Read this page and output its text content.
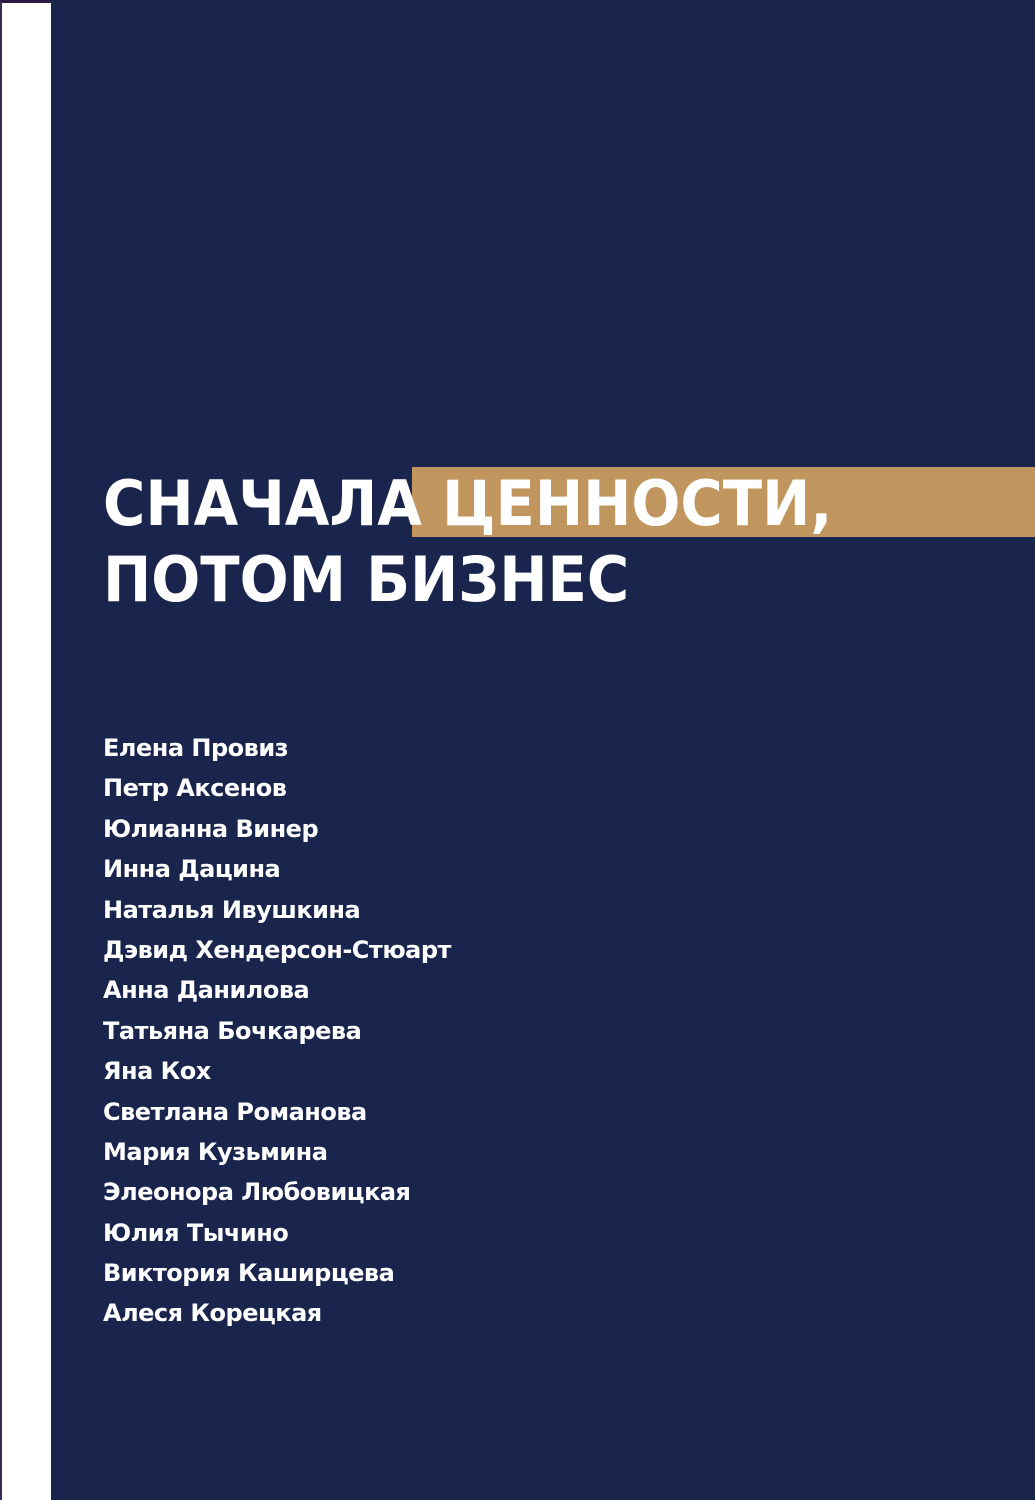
СНАЧАЛА ЦЕННОСТИ,
ПОТОМ БИЗНЕС
Елена Провиз
Петр Аксенов
Юлианна Винер
Инна Дацина
Наталья Ивушкина
Дэвид Хендерсон-Стюарт
Анна Данилова
Татьяна Бочкарева
Яна Кох
Светлана Романова
Мария Кузьмина
Элеонора Любовицкая
Юлия Тычино
Виктория Каширцева
Алеся Корецкая
